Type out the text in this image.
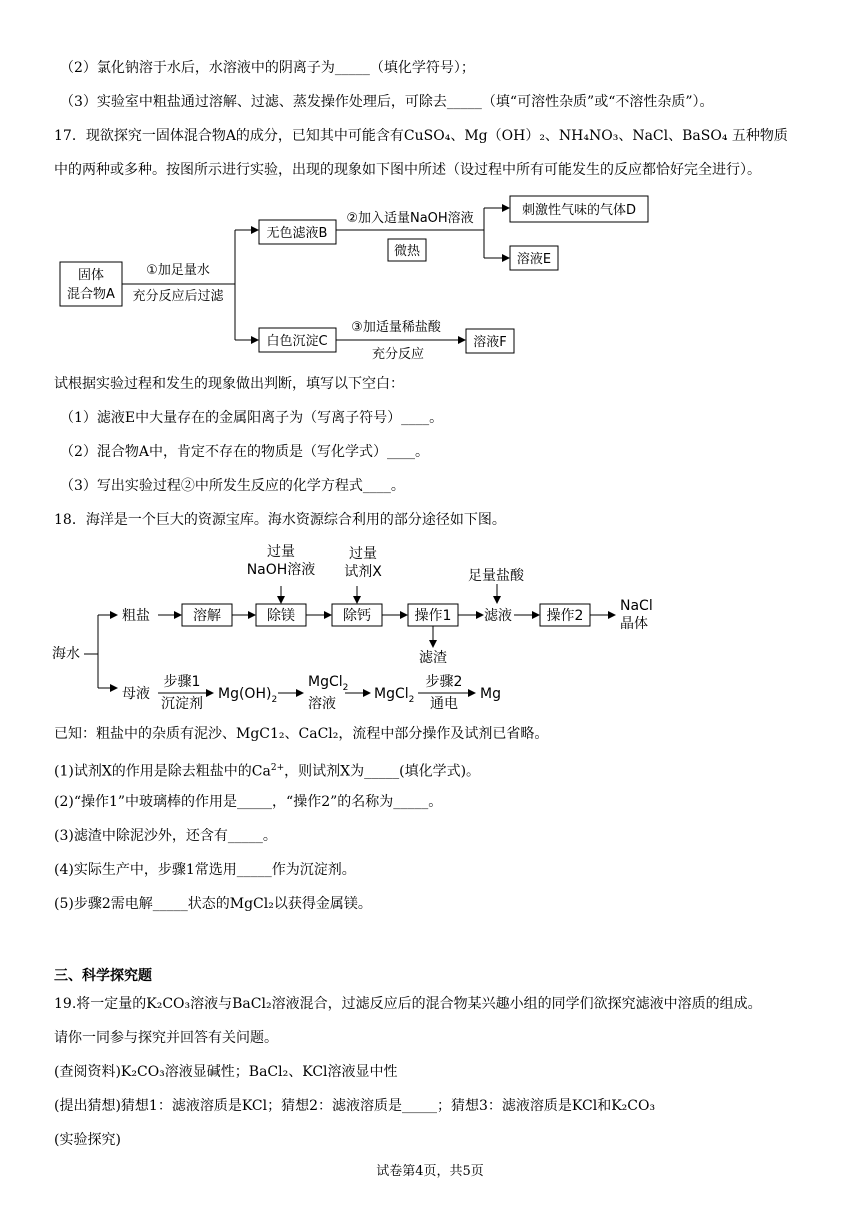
（2）氯化钠溶于水后，水溶液中的阴离子为_____（填化学符号）；
（3）实验室中粗盐通过溶解、过滤、蒸发操作处理后，可除去_____（填“可溶性杂质”或“不溶性杂质”）。
17．现欲探究一固体混合物A的成分，已知其中可能含有CuSO₄、Mg（OH）₂、NH₄NO₃、NaCl、BaSO₄ 五种物质
中的两种或多种。按图所示进行实验，出现的现象如下图中所述（设过程中所有可能发生的反应都恰好完全进行）。
固体
混合物A
①加足量水
充分反应后过滤
无色滤液B
②加入适量NaOH溶液
微热
刺激性气味的气体D
溶液E
白色沉淀C
③加适量稀盐酸
充分反应
溶液F
试根据实验过程和发生的现象做出判断，填写以下空白：
（1）滤液E中大量存在的金属阳离子为（写离子符号）____。
（2）混合物A中，肯定不存在的物质是（写化学式）____。
（3）写出实验过程②中所发生反应的化学方程式____。
18．海洋是一个巨大的资源宝库。海水资源综合利用的部分途径如下图。
海水
粗盐	溶解	除镁	除钙	操作1 滤液 操作2
NaCl
晶体
过量
NaOH溶液
过量
试剂X	足量盐酸
滤渣
母液
步骤1
沉淀剂
$Mg(OH)_2$
MgCl$_2$
溶液
MgCl$_2$
步骤2
通电
Mg
已知：粗盐中的杂质有泥沙、MgC1₂、CaCl₂，流程中部分操作及试剂已省略。
(1)试剂X的作用是除去粗盐中的$Ca^{2+}$，则试剂X为_____(填化学式)。
(2)“操作1”中玻璃棒的作用是_____，“操作2”的名称为_____。
(3)滤渣中除泥沙外，还含有_____。
(4)实际生产中，步骤1常选用_____作为沉淀剂。
(5)步骤2需电解_____状态的MgCl₂以获得金属镁。
三、科学探究题
19.将一定量的K₂CO₃溶液与BaCl₂溶液混合，过滤反应后的混合物某兴趣小组的同学们欲探究滤液中溶质的组成。
请你一同参与探究并回答有关问题。
(查阅资料)K₂CO₃溶液显碱性；BaCl₂、KCl溶液显中性
(提出猜想)猜想1：滤液溶质是KCl；猜想2：滤液溶质是_____；猜想3：滤液溶质是KCl和K₂CO₃
(实验探究)
试卷第4页，共5页
